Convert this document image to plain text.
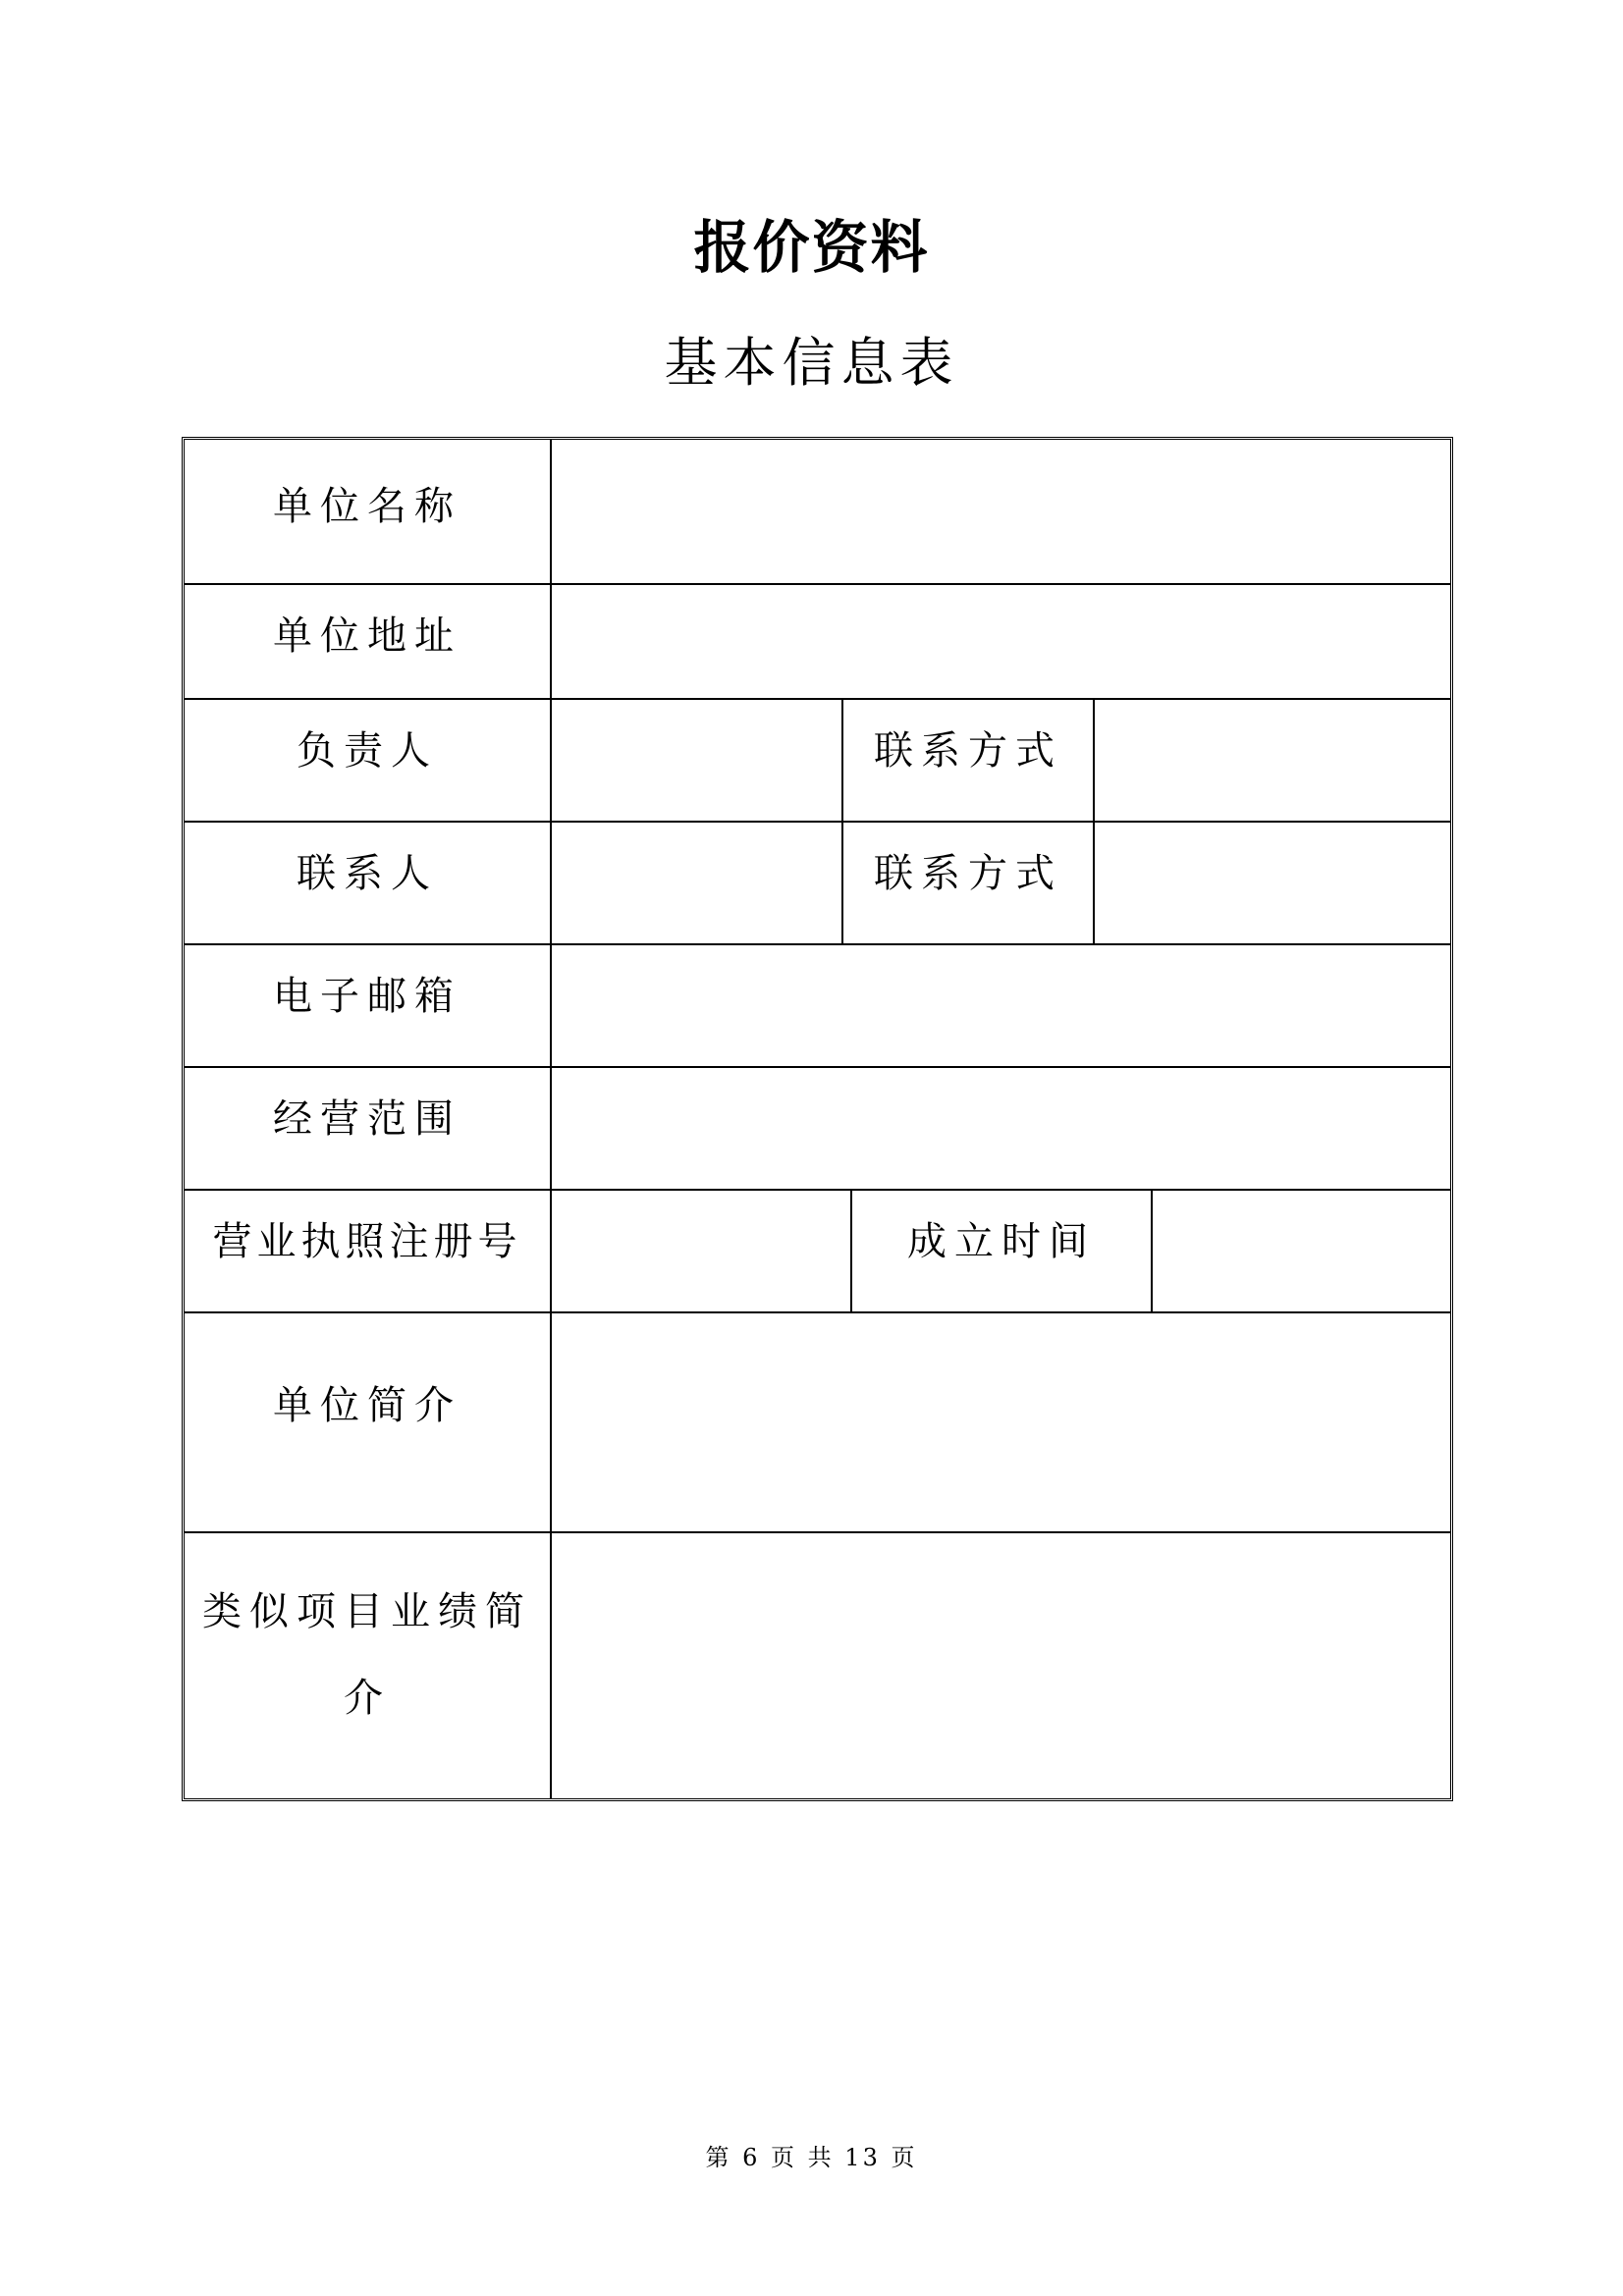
报价资料
基本信息表
单位名称
单位地址
负责人	联系方式
联系人	联系方式
电子邮箱
经营范围
营业执照注册号	成立时间
单位简介
类似项目业绩简介
第 6 页 共 13 页
